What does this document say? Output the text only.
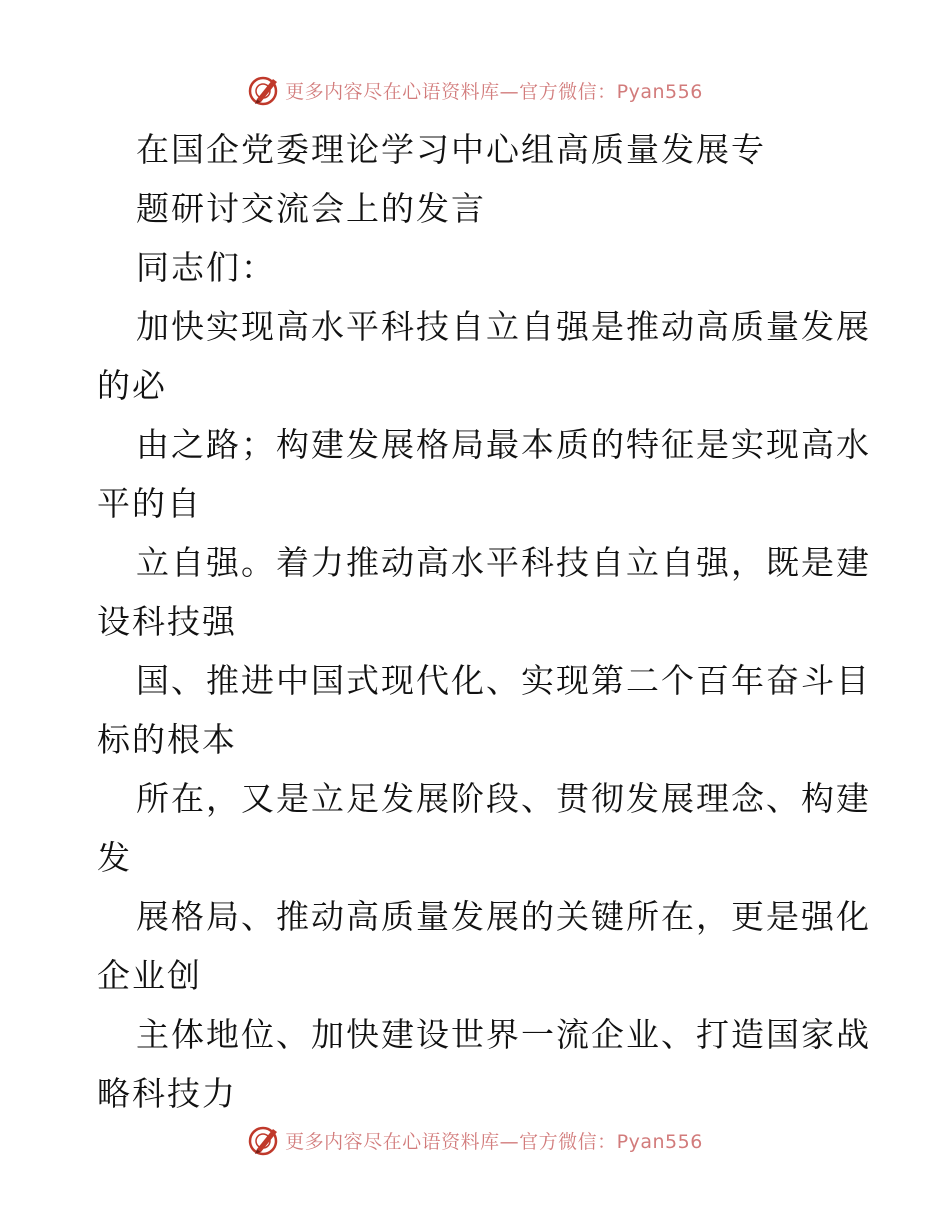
更多内容尽在心语资料库—官方微信：Pyan556
在国企党委理论学习中心组高质量发展专
题研讨交流会上的发言
同志们：
加快实现高水平科技自立自强是推动高质量发展
的必
由之路；构建发展格局最本质的特征是实现高水
平的自
立自强。着力推动高水平科技自立自强，既是建
设科技强
国、推进中国式现代化、实现第二个百年奋斗目
标的根本
所在，又是立足发展阶段、贯彻发展理念、构建
发
展格局、推动高质量发展的关键所在，更是强化
企业创
主体地位、加快建设世界一流企业、打造国家战
略科技力
更多内容尽在心语资料库—官方微信：Pyan556
